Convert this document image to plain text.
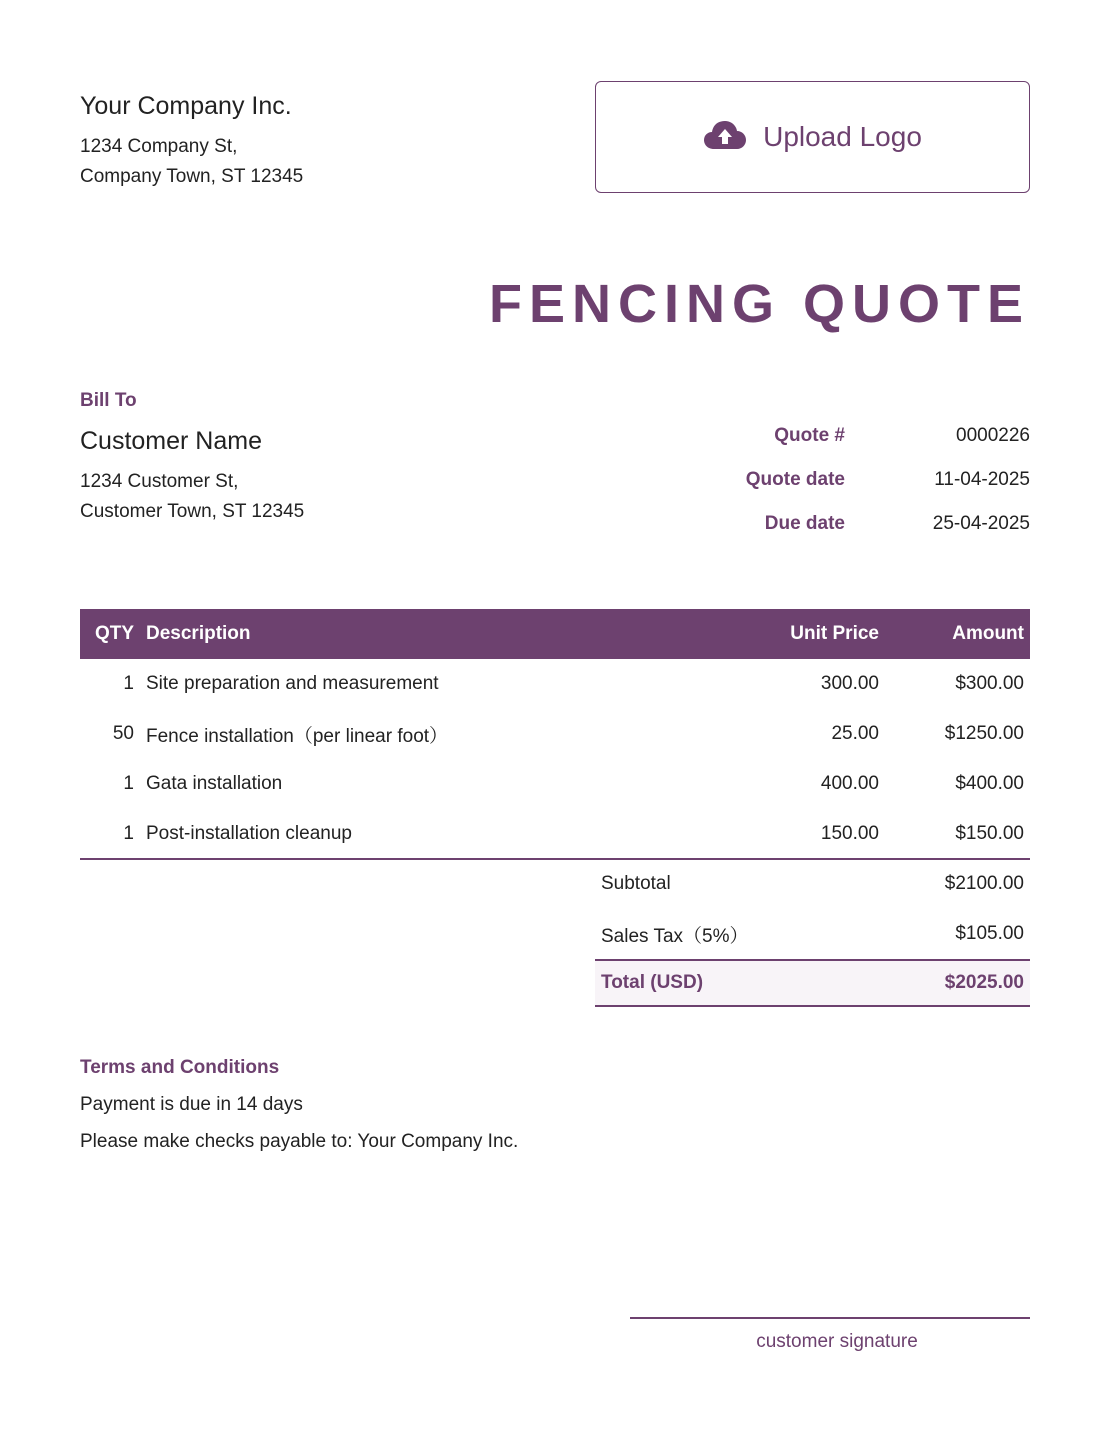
Your Company Inc.
1234 Company St,
Company Town, ST 12345
Upload Logo
FENCING QUOTE
Bill To
Customer Name
1234 Customer St,
Customer Town, ST 12345
Quote #	0000226
Quote date	11-04-2025
Due date	25-04-2025
QTY	Description	Unit Price	Amount
1	Site preparation and measurement	300.00	$300.00
50	Fence installation（per linear foot）	25.00	$1250.00
1	Gata installation	400.00	$400.00
1	Post-installation cleanup	150.00	$150.00
Subtotal	$2100.00
Sales Tax（5%）	$105.00
Total (USD)	$2025.00
Terms and Conditions
Payment is due in 14 days
Please make checks payable to: Your Company Inc.
customer signature
